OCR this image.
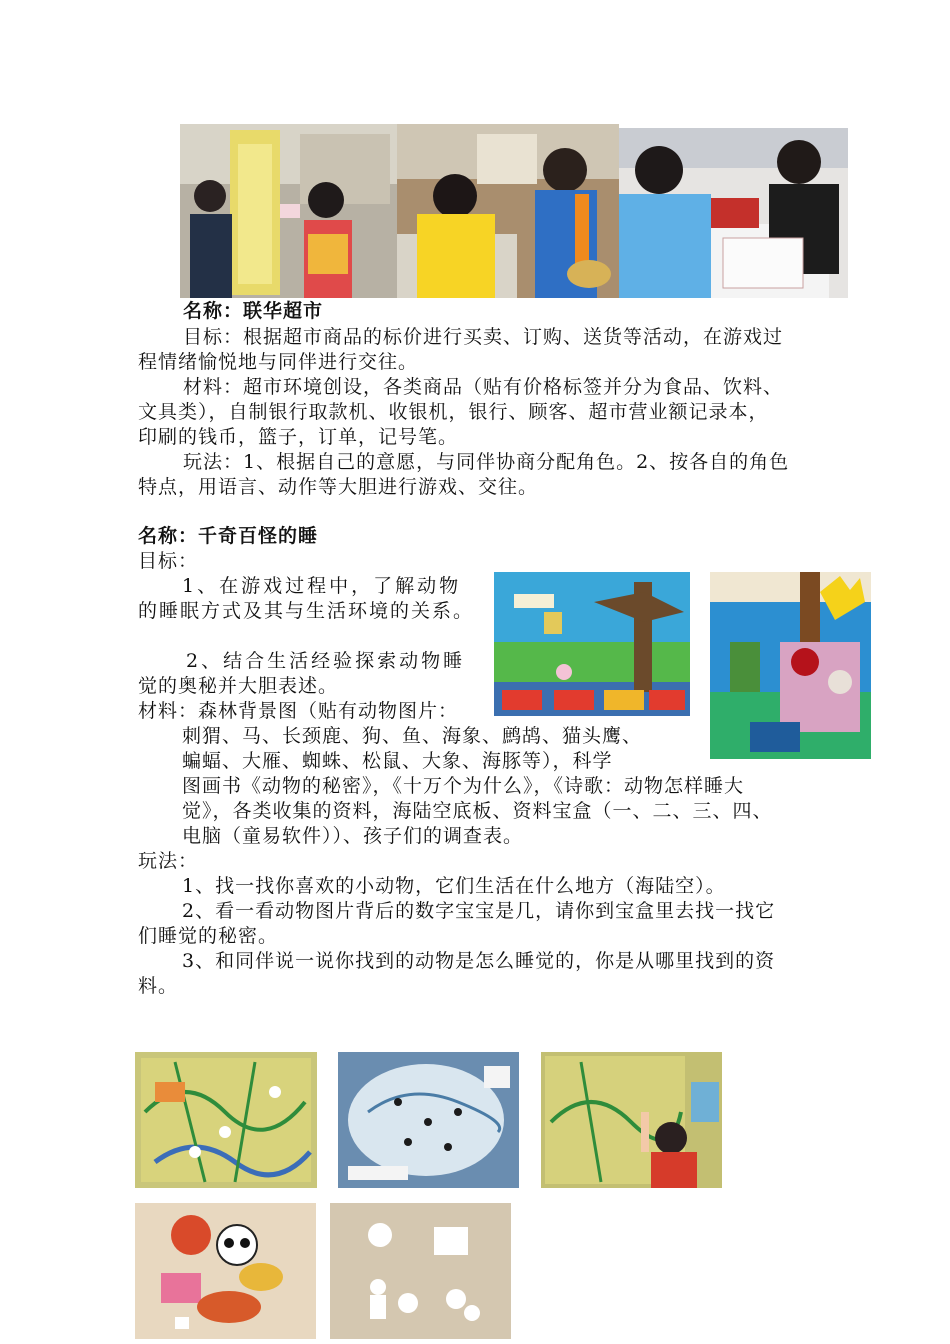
名称：联华超市
目标：根据超市商品的标价进行买卖、订购、送货等活动，在游戏过
程情绪愉悦地与同伴进行交往。
材料：超市环境创设，各类商品（贴有价格标签并分为食品、饮料、
文具类），自制银行取款机、收银机，银行、顾客、超市营业额记录本，
印刷的钱币，篮子，订单，记号笔。
玩法：1、根据自己的意愿，与同伴协商分配角色。2、按各自的角色
特点，用语言、动作等大胆进行游戏、交往。
名称：千奇百怪的睡
目标：
1、在游戏过程中，了解动物
的睡眠方式及其与生活环境的关系。
2、结合生活经验探索动物睡
觉的奥秘并大胆表述。
材料：森林背景图（贴有动物图片：
刺猬、马、长颈鹿、狗、鱼、海象、鹧鸪、猫头鹰、
蝙蝠、大雁、蜘蛛、松鼠、大象、海豚等），科学
图画书《动物的秘密》，《十万个为什么》，《诗歌：动物怎样睡大
觉》，各类收集的资料，海陆空底板、资料宝盒（一、二、三、四、
电脑（童易软件））、孩子们的调查表。
玩法：
1、找一找你喜欢的小动物，它们生活在什么地方（海陆空）。
2、看一看动物图片背后的数字宝宝是几，请你到宝盒里去找一找它
们睡觉的秘密。
3、和同伴说一说你找到的动物是怎么睡觉的，你是从哪里找到的资
料。
